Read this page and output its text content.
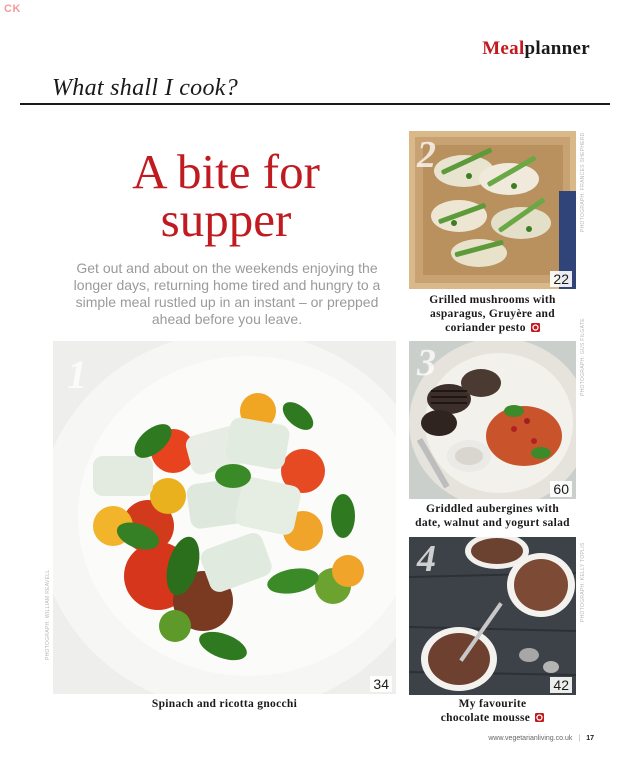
CK
Mealplanner
What shall I cook?
A bite for supper
Get out and about on the weekends enjoying the longer days, returning home tired and hungry to a simple meal rustled up in an instant – or prepped ahead before you leave.
1
34
PHOTOGRAPH: WILLIAM REAVELL
Spinach and ricotta gnocchi
2
22
PHOTOGRAPH: FRANCES SHEPHERD
Grilled mushrooms with
asparagus, Gruyère and
coriander pesto
3
60
PHOTOGRAPH: GUS FILGATE
Griddled aubergines with
date, walnut and yogurt salad
4
42
PHOTOGRAPH: KELLY TOPLIS
My favourite
chocolate mousse
www.vegetarianliving.co.uk | 17
